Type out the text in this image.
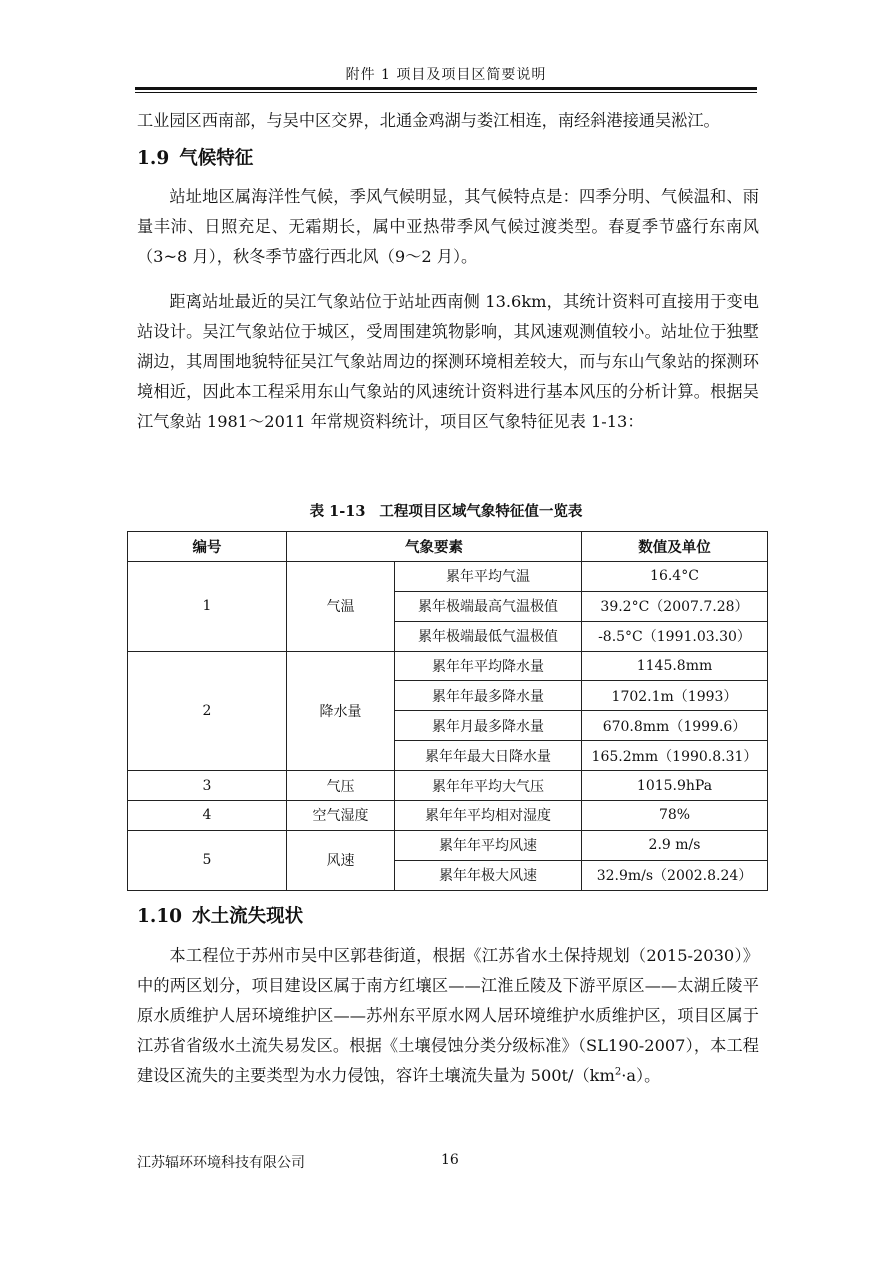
附件 1 项目及项目区简要说明

工业园区西南部，与吴中区交界，北通金鸡湖与娄江相连，南经斜港接通吴淞江。

1.9 气候特征

站址地区属海洋性气候，季风气候明显，其气候特点是：四季分明、气候温和、雨量丰沛、日照充足、无霜期长，属中亚热带季风气候过渡类型。春夏季节盛行东南风（3~8 月），秋冬季节盛行西北风（9～2 月）。

距离站址最近的吴江气象站位于站址西南侧 13.6km，其统计资料可直接用于变电站设计。吴江气象站位于城区，受周围建筑物影响，其风速观测值较小。站址位于独墅湖边，其周围地貌特征吴江气象站周边的探测环境相差较大，而与东山气象站的探测环境相近，因此本工程采用东山气象站的风速统计资料进行基本风压的分析计算。根据吴江气象站 1981～2011 年常规资料统计，项目区气象特征见表 1-13：

表 1-13 工程项目区域气象特征值一览表
编号	气象要素		数值及单位
1	气温	累年平均气温	16.4°C
		累年极端最高气温极值	39.2°C（2007.7.28）
		累年极端最低气温极值	-8.5°C（1991.03.30）
2	降水量	累年年平均降水量	1145.8mm
		累年年最多降水量	1702.1m（1993）
		累年月最多降水量	670.8mm（1999.6）
		累年年最大日降水量	165.2mm（1990.8.31）
3	气压	累年年平均大气压	1015.9hPa
4	空气湿度	累年年平均相对湿度	78%
5	风速	累年年平均风速	2.9 m/s
		累年年极大风速	32.9m/s（2002.8.24）
1.10 水土流失现状

本工程位于苏州市吴中区郭巷街道，根据《江苏省水土保持规划（2015-2030）》中的两区划分，项目建设区属于南方红壤区——江淮丘陵及下游平原区——太湖丘陵平原水质维护人居环境维护区——苏州东平原水网人居环境维护水质维护区，项目区属于江苏省省级水土流失易发区。根据《土壤侵蚀分类分级标准》（SL190-2007），本工程建设区流失的主要类型为水力侵蚀，容许土壤流失量为 $500t/(km^2\cdot a)$。

江苏辐环环境科技有限公司	16
